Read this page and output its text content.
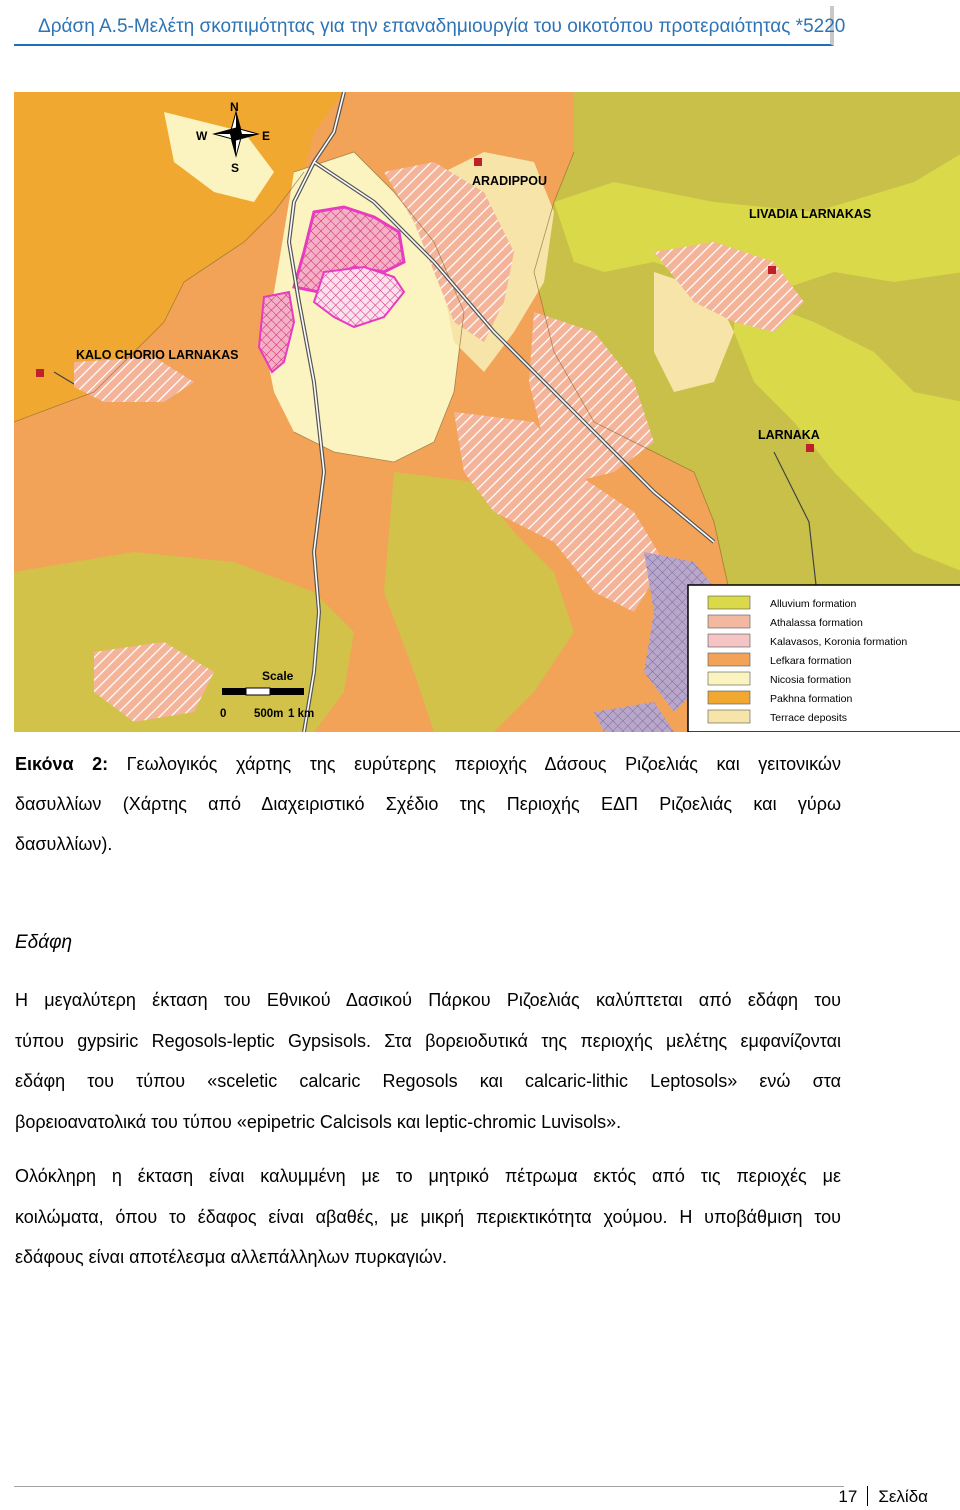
Δράση Α.5-Μελέτη σκοπιμότητας για την επαναδημιουργία του οικοτόπου προτεραιότητας *5220
ARADIPPOU
LIVADIA LARNAKAS
KALO CHORIO LARNAKAS
LARNAKA
N
S
W	E
Scale
0 500m 1 km
Alluvium formation
Athalassa formation
Kalavasos, Koronia formation
Lefkara formation
Nicosia formation
Pakhna formation
Terrace deposits
Εικόνα 2: Γεωλογικός χάρτης της ευρύτερης περιοχής Δάσους Ριζοελιάς και γειτονικών
δασυλλίων (Χάρτης από Διαχειριστικό Σχέδιο της Περιοχής ΕΔΠ Ριζοελιάς και γύρω
δασυλλίων).
Εδάφη
Η μεγαλύτερη έκταση του Εθνικού Δασικού Πάρκου Ριζοελιάς καλύπτεται από εδάφη του
τύπου gypsiric Regosols-leptic Gypsisols. Στα βορειοδυτικά της περιοχής μελέτης εμφανίζονται
εδάφη του τύπου «sceletic calcaric Regosols και calcaric-lithic Leptosols» ενώ στα
βορειοανατολικά του τύπου «epipetric Calcisols και leptic-chromic Luvisols».
Ολόκληρη η έκταση είναι καλυμμένη με το μητρικό πέτρωμα εκτός από τις περιοχές με
κοιλώματα, όπου το έδαφος είναι αβαθές, με μικρή περιεκτικότητα χούμου. Η υποβάθμιση του
εδάφους είναι αποτέλεσμα αλλεπάλληλων πυρκαγιών.
17 Σελίδα
